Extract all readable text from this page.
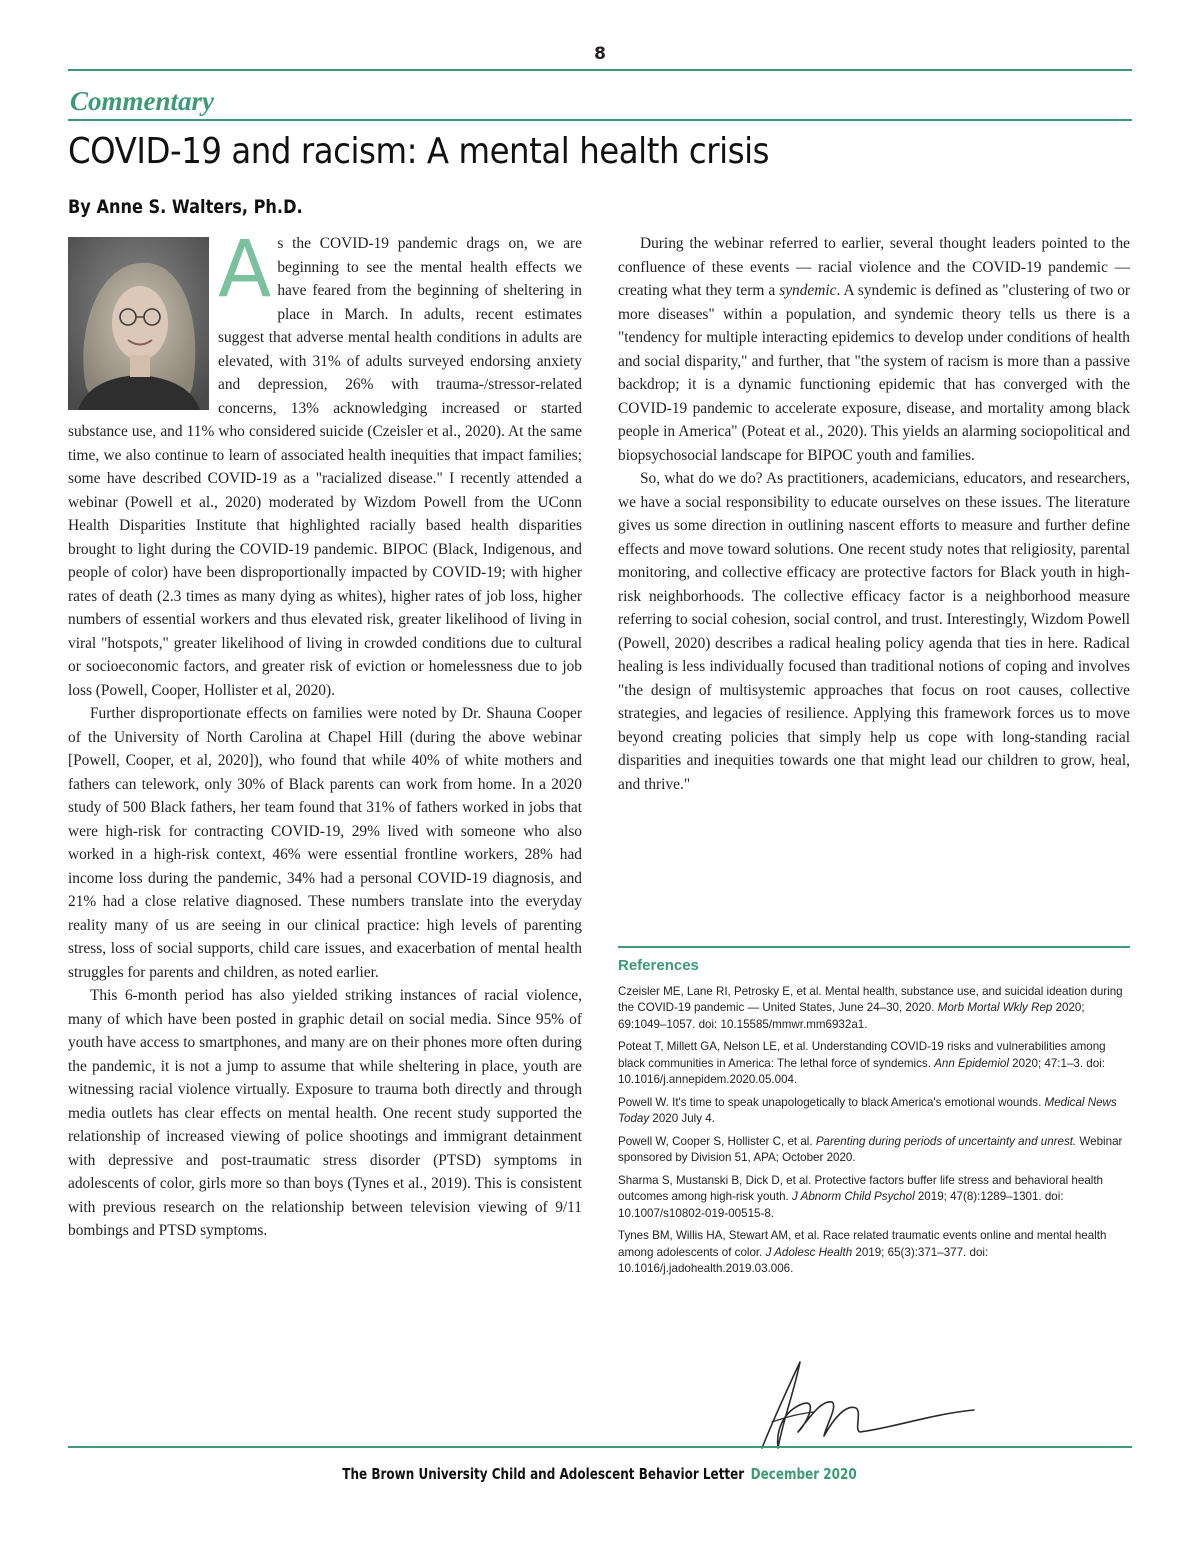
8
Commentary
COVID-19 and racism: A mental health crisis
By Anne S. Walters, Ph.D.

As the COVID-19 pandemic drags on, we are beginning to see the mental health effects we have feared from the beginning of sheltering in place in March. In adults, recent estimates suggest that adverse mental health conditions in adults are elevated, with 31% of adults surveyed endorsing anxiety and depression, 26% with trauma-/stressor-related concerns, 13% acknowledging increased or started substance use, and 11% who considered suicide (Czeisler et al., 2020). At the same time, we also continue to learn of associated health inequities that impact families; some have described COVID-19 as a "racialized disease." I recently attended a webinar (Powell et al., 2020) moderated by Wizdom Powell from the UConn Health Disparities Institute that highlighted racially based health disparities brought to light during the COVID-19 pandemic. BIPOC (Black, Indigenous, and people of color) have been disproportionally impacted by COVID-19; with higher rates of death (2.3 times as many dying as whites), higher rates of job loss, higher numbers of essential workers and thus elevated risk, greater likelihood of living in viral "hotspots," greater likelihood of living in crowded conditions due to cultural or socioeconomic factors, and greater risk of eviction or homelessness due to job loss (Powell, Cooper, Hollister et al, 2020).

Further disproportionate effects on families were noted by Dr. Shauna Cooper of the University of North Carolina at Chapel Hill (during the above webinar [Powell, Cooper, et al, 2020]), who found that while 40% of white mothers and fathers can telework, only 30% of Black parents can work from home. In a 2020 study of 500 Black fathers, her team found that 31% of fathers worked in jobs that were high-risk for contracting COVID-19, 29% lived with someone who also worked in a high-risk context, 46% were essential frontline workers, 28% had income loss during the pandemic, 34% had a personal COVID-19 diagnosis, and 21% had a close relative diagnosed. These numbers translate into the everyday reality many of us are seeing in our clinical practice: high levels of parenting stress, loss of social supports, child care issues, and exacerbation of mental health struggles for parents and children, as noted earlier.

This 6-month period has also yielded striking instances of racial violence, many of which have been posted in graphic detail on social media. Since 95% of youth have access to smartphones, and many are on their phones more often during the pandemic, it is not a jump to assume that while sheltering in place, youth are witnessing racial violence virtually. Exposure to trauma both directly and through media outlets has clear effects on mental health. One recent study supported the relationship of increased viewing of police shootings and immigrant detainment with depressive and post-traumatic stress disorder (PTSD) symptoms in adolescents of color, girls more so than boys (Tynes et al., 2019). This is consistent with previous research on the relationship between television viewing of 9/11 bombings and PTSD symptoms.

During the webinar referred to earlier, several thought leaders pointed to the confluence of these events — racial violence and the COVID-19 pandemic — creating what they term a syndemic. A syndemic is defined as "clustering of two or more diseases" within a population, and syndemic theory tells us there is a "tendency for multiple interacting epidemics to develop under conditions of health and social disparity," and further, that "the system of racism is more than a passive backdrop; it is a dynamic functioning epidemic that has converged with the COVID-19 pandemic to accelerate exposure, disease, and mortality among black people in America" (Poteat et al., 2020). This yields an alarming sociopolitical and biopsychosocial landscape for BIPOC youth and families.

So, what do we do? As practitioners, academicians, educators, and researchers, we have a social responsibility to educate ourselves on these issues. The literature gives us some direction in outlining nascent efforts to measure and further define effects and move toward solutions. One recent study notes that religiosity, parental monitoring, and collective efficacy are protective factors for Black youth in high-risk neighborhoods. The collective efficacy factor is a neighborhood measure referring to social cohesion, social control, and trust. Interestingly, Wizdom Powell (Powell, 2020) describes a radical healing policy agenda that ties in here. Radical healing is less individually focused than traditional notions of coping and involves "the design of multisystemic approaches that focus on root causes, collective strategies, and legacies of resilience. Applying this framework forces us to move beyond creating policies that simply help us cope with long-standing racial disparities and inequities towards one that might lead our children to grow, heal, and thrive."

References

Czeisler ME, Lane RI, Petrosky E, et al. Mental health, substance use, and suicidal ideation during the COVID-19 pandemic — United States, June 24–30, 2020. Morb Mortal Wkly Rep 2020; 69:1049–1057. doi: 10.15585/mmwr.mm6932a1.

Poteat T, Millett GA, Nelson LE, et al. Understanding COVID-19 risks and vulnerabilities among black communities in America: The lethal force of syndemics. Ann Epidemiol 2020; 47:1–3. doi: 10.1016/j.annepidem.2020.05.004.

Powell W. It's time to speak unapologetically to black America's emotional wounds. Medical News Today 2020 July 4.

Powell W, Cooper S, Hollister C, et al. Parenting during periods of uncertainty and unrest. Webinar sponsored by Division 51, APA; October 2020.

Sharma S, Mustanski B, Dick D, et al. Protective factors buffer life stress and behavioral health outcomes among high-risk youth. J Abnorm Child Psychol 2019; 47(8):1289–1301. doi: 10.1007/s10802-019-00515-8.

Tynes BM, Willis HA, Stewart AM, et al. Race related traumatic events online and mental health among adolescents of color. J Adolesc Health 2019; 65(3):371–377. doi: 10.1016/j.jadohealth.2019.03.006.

The Brown University Child and Adolescent Behavior Letter December 2020
